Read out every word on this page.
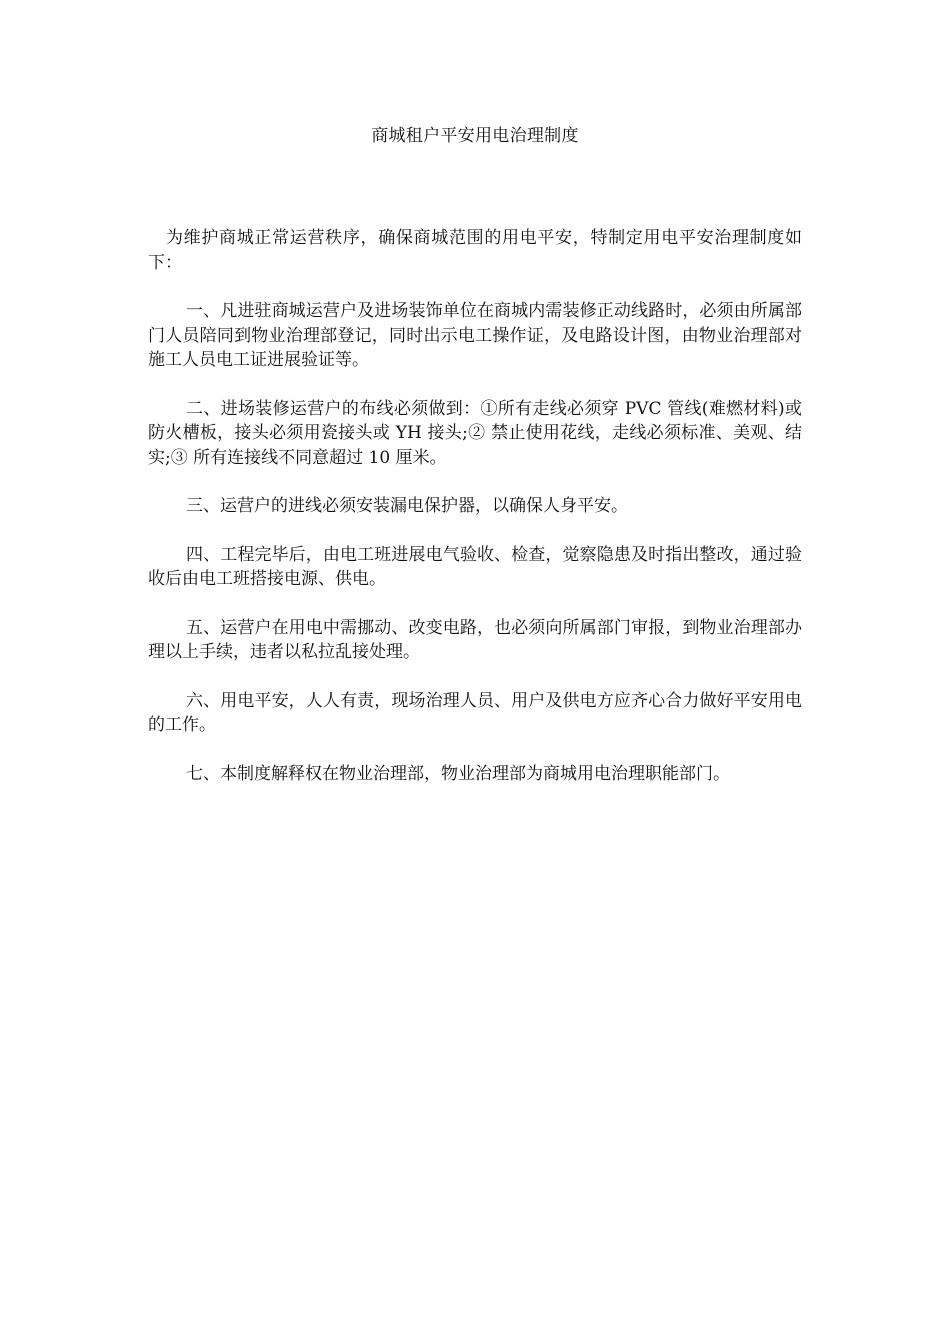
商城租户平安用电治理制度

为维护商城正常运营秩序，确保商城范围的用电平安，特制定用电平安治理制度如下：

一、凡进驻商城运营户及进场装饰单位在商城内需装修正动线路时，必须由所属部门人员陪同到物业治理部登记，同时出示电工操作证，及电路设计图，由物业治理部对施工人员电工证进展验证等。

二、进场装修运营户的布线必须做到：①所有走线必须穿 PVC 管线(难燃材料)或防火槽板，接头必须用瓷接头或 YH 接头;② 禁止使用花线，走线必须标准、美观、结实;③ 所有连接线不同意超过 10 厘米。

三、运营户的进线必须安装漏电保护器，以确保人身平安。

四、工程完毕后，由电工班进展电气验收、检查，觉察隐患及时指出整改，通过验收后由电工班搭接电源、供电。

五、运营户在用电中需挪动、改变电路，也必须向所属部门审报，到物业治理部办理以上手续，违者以私拉乱接处理。

六、用电平安，人人有责，现场治理人员、用户及供电方应齐心合力做好平安用电的工作。

七、本制度解释权在物业治理部，物业治理部为商城用电治理职能部门。
